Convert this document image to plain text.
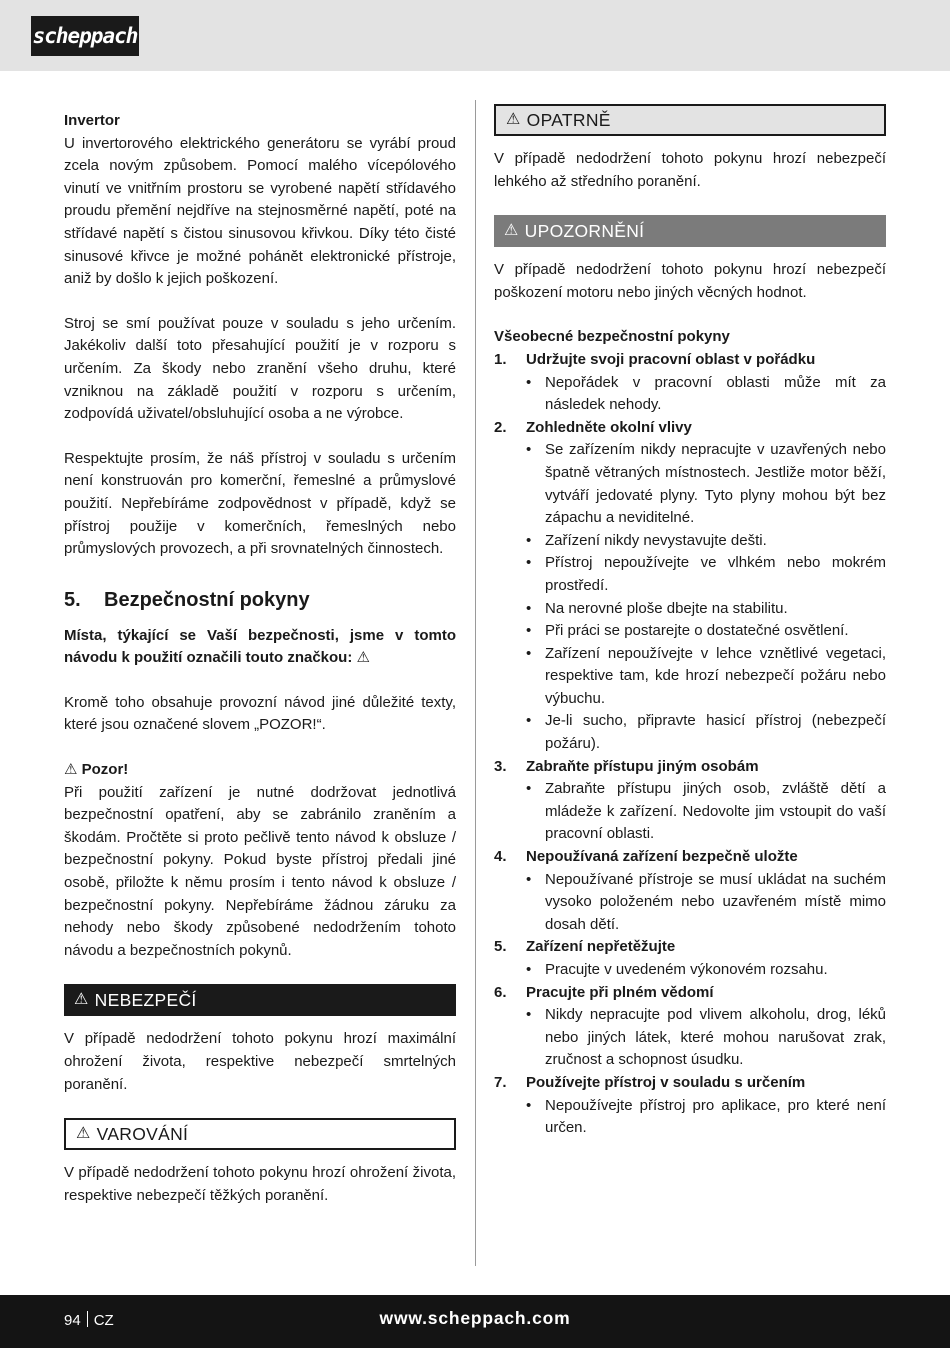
scheppach

Invertor

U invertorového elektrického generátoru se vyrábí proud zcela novým způsobem. Pomocí malého vícepólového vinutí ve vnitřním prostoru se vyrobené napětí střídavého proudu přemění nejdříve na stejnosměrné napětí, poté na střídavé napětí s čistou sinusovou křivkou. Díky této čisté sinusové křivce je možné pohánět elektronické přístroje, aniž by došlo k jejich poškození.

Stroj se smí používat pouze v souladu s jeho určením. Jakékoliv další toto přesahující použití je v rozporu s určením. Za škody nebo zranění všeho druhu, které vzniknou na základě použití v rozporu s určením, zodpovídá uživatel/obsluhující osoba a ne výrobce.

Respektujte prosím, že náš přístroj v souladu s určením není konstruován pro komerční, řemeslné a průmyslové použití. Nepřebíráme zodpovědnost v případě, když se přístroj použije v komerčních, řemeslných nebo průmyslových provozech, a při srovnatelných činnostech.

5.	Bezpečnostní pokyny

Místa, týkající se Vaší bezpečnosti, jsme v tomto návodu k použití označili touto značkou: ⚠

Kromě toho obsahuje provozní návod jiné důležité texty, které jsou označené slovem „POZOR!“.

⚠ Pozor!

Při použití zařízení je nutné dodržovat jednotlivá bezpečnostní opatření, aby se zabránilo zraněním a škodám. Pročtěte si proto pečlivě tento návod k obsluze / bezpečnostní pokyny. Pokud byste přístroj předali jiné osobě, přiložte k němu prosím i tento návod k obsluze / bezpečnostní pokyny. Nepřebíráme žádnou záruku za nehody nebo škody způsobené nedodržením tohoto návodu a bezpečnostních pokynů.

⚠ NEBEZPEČÍ

V případě nedodržení tohoto pokynu hrozí maximální ohrožení života, respektive nebezpečí smrtelných poranění.

⚠ VAROVÁNÍ

V případě nedodržení tohoto pokynu hrozí ohrožení života, respektive nebezpečí těžkých poranění.

⚠ OPATRNĚ

V případě nedodržení tohoto pokynu hrozí nebezpečí lehkého až středního poranění.

⚠ UPOZORNĚNÍ

V případě nedodržení tohoto pokynu hrozí nebezpečí poškození motoru nebo jiných věcných hodnot.

Všeobecné bezpečnostní pokyny

1.	Udržujte svoji pracovní oblast v pořádku
• Nepořádek v pracovní oblasti může mít za následek nehody.
2.	Zohledněte okolní vlivy
• Se zařízením nikdy nepracujte v uzavřených nebo špatně větraných místnostech. Jestliže motor běží, vytváří jedovaté plyny. Tyto plyny mohou být bez zápachu a neviditelné.
• Zařízení nikdy nevystavujte dešti.
• Přístroj nepoužívejte ve vlhkém nebo mokrém prostředí.
• Na nerovné ploše dbejte na stabilitu.
• Při práci se postarejte o dostatečné osvětlení.
• Zařízení nepoužívejte v lehce vznětlivé vegetaci, respektive tam, kde hrozí nebezpečí požáru nebo výbuchu.
• Je-li sucho, připravte hasicí přístroj (nebezpečí požáru).
3.	Zabraňte přístupu jiným osobám
• Zabraňte přístupu jiných osob, zvláště dětí a mládeže k zařízení. Nedovolte jim vstoupit do vaší pracovní oblasti.
4.	Nepoužívaná zařízení bezpečně uložte
• Nepoužívané přístroje se musí ukládat na suchém vysoko položeném nebo uzavřeném místě mimo dosah dětí.
5.	Zařízení nepřetěžujte
• Pracujte v uvedeném výkonovém rozsahu.
6.	Pracujte při plném vědomí
• Nikdy nepracujte pod vlivem alkoholu, drog, léků nebo jiných látek, které mohou narušovat zrak, zručnost a schopnost úsudku.
7.	Používejte přístroj v souladu s určením
• Nepoužívejte přístroj pro aplikace, pro které není určen.
94 CZ	www.scheppach.com
